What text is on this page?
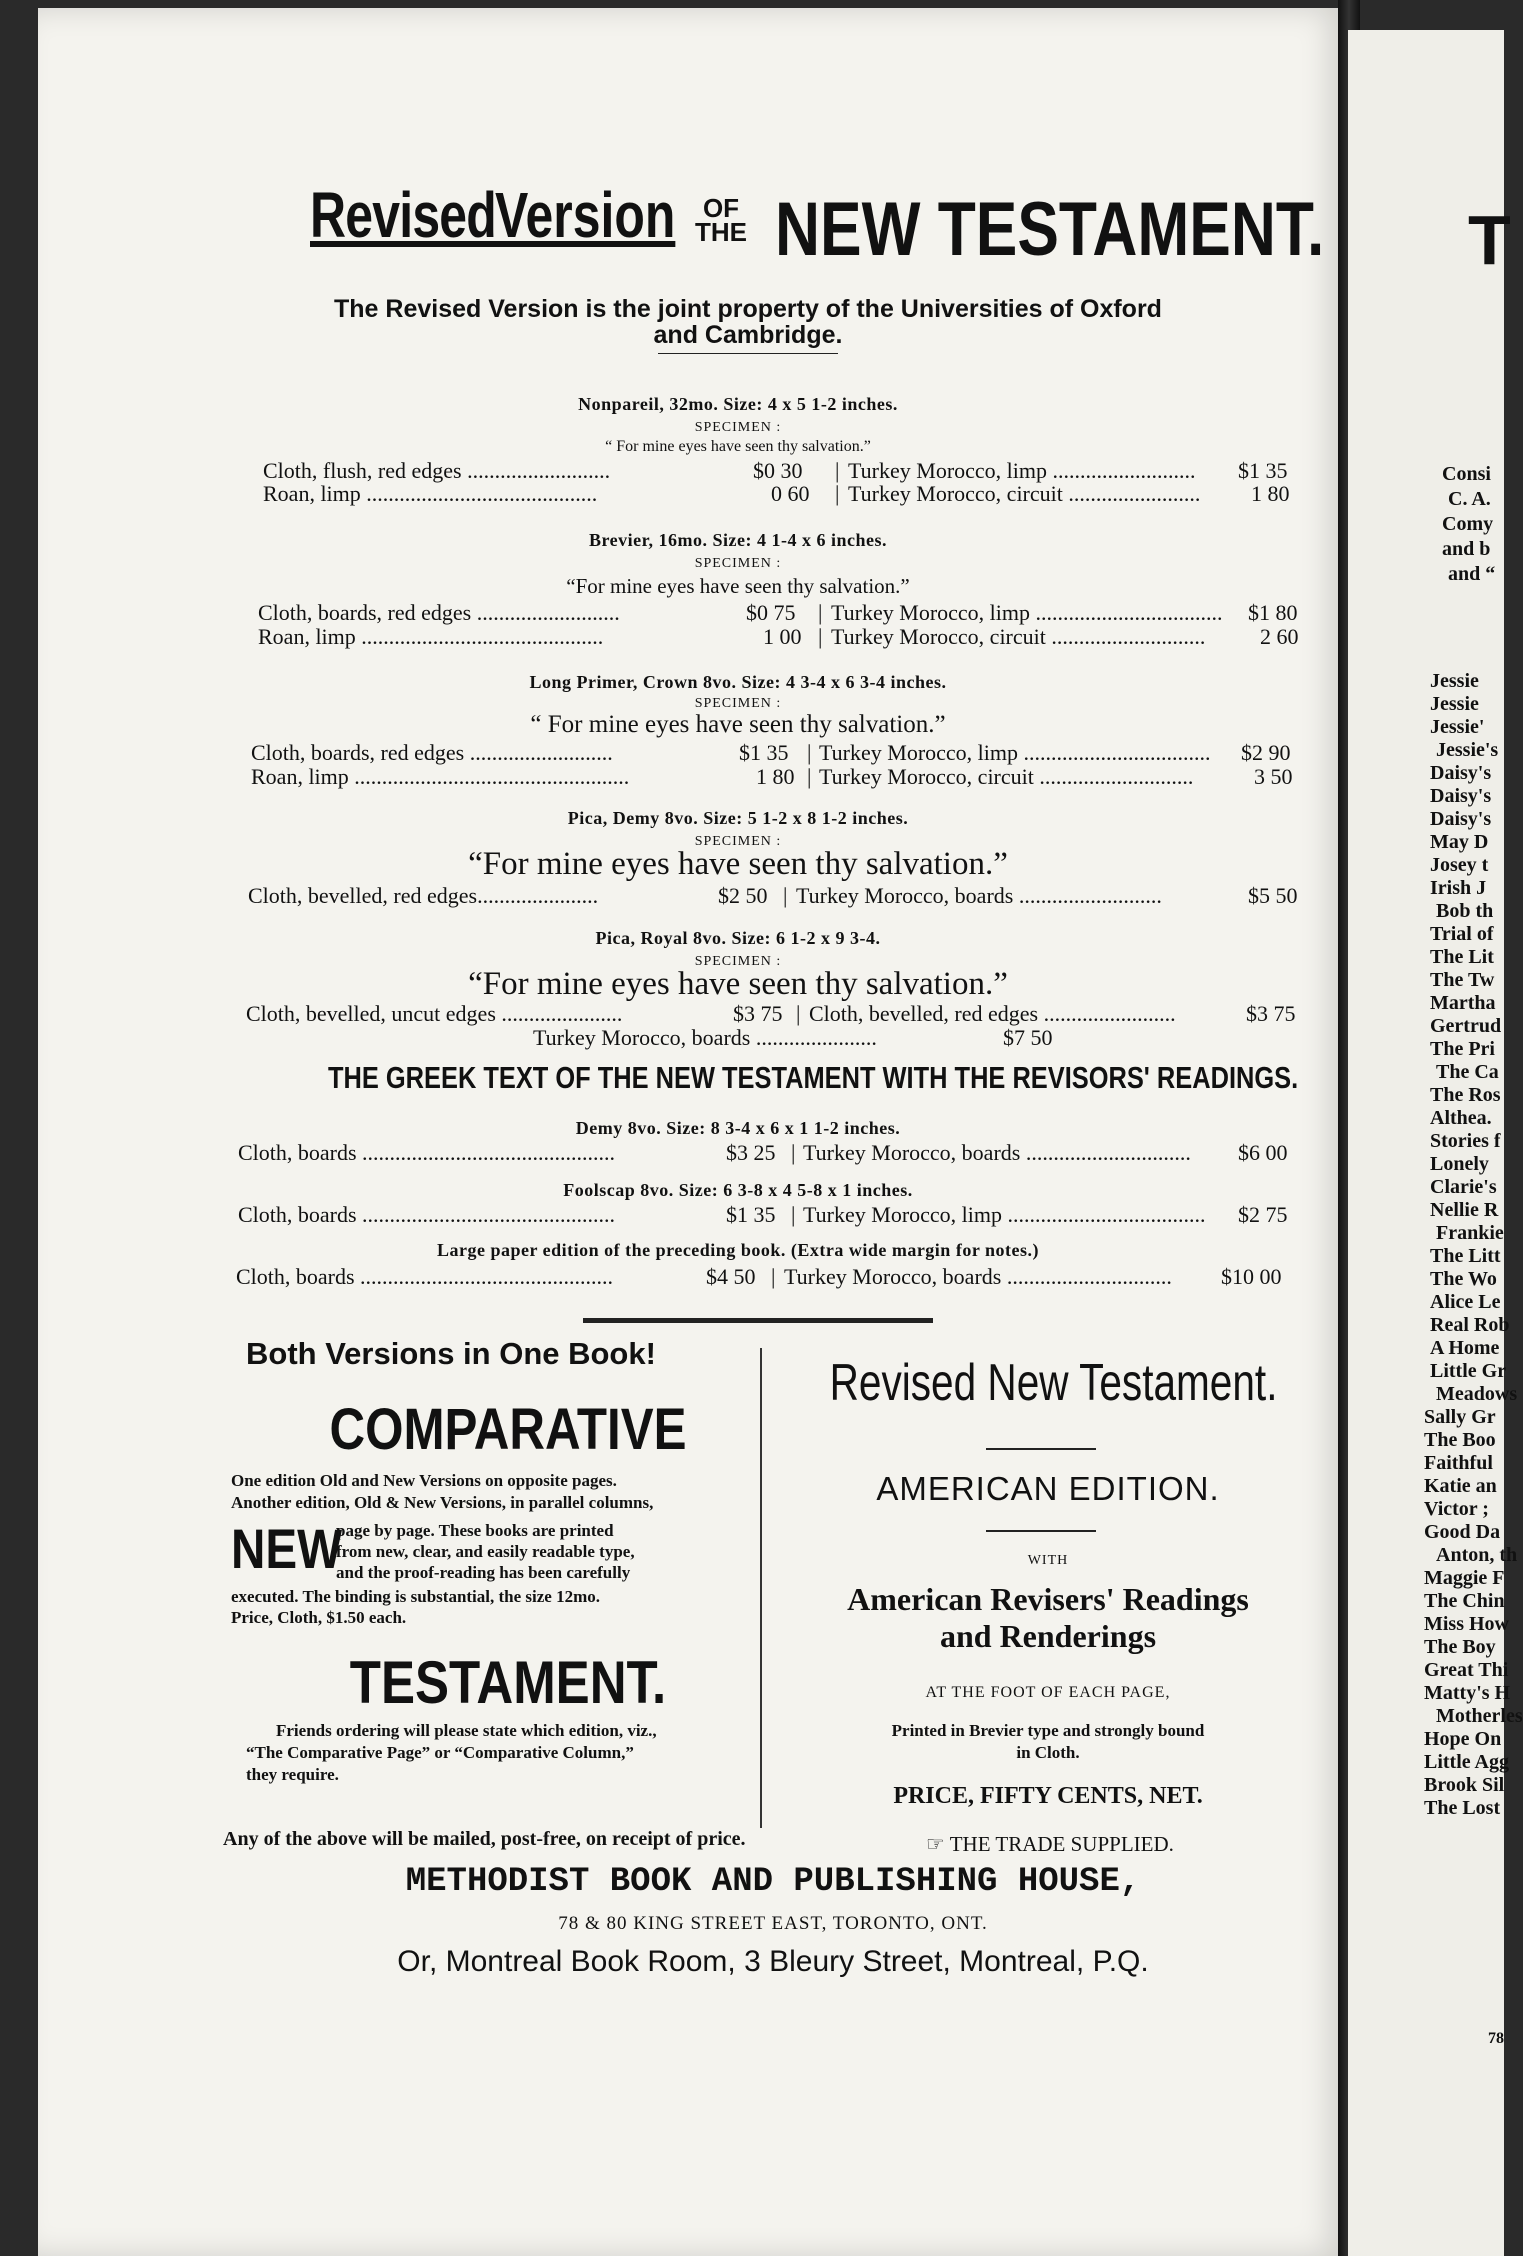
Revised
Version	OF
THE NEW TESTAMENT.
The Revised Version is the joint property of the Universities of Oxford
and Cambridge.
Nonpareil, 32mo. Size: 4 x 5 1-2 inches.
SPECIMEN :
“ For mine eyes have seen thy salvation.”
Cloth, flush, red edges ..........................	$0 30 | Turkey Morocco, limp .......................... $1 35
Roan, limp ..........................................	0 60 | Turkey Morocco, circuit ........................ 1 80
Brevier, 16mo. Size: 4 1-4 x 6 inches.
SPECIMEN :
“For mine eyes have seen thy salvation.”
Cloth, boards, red edges ..........................	$0 75 | Turkey Morocco, limp .................................. $1 80
Roan, limp ............................................	1 00 | Turkey Morocco, circuit ............................ 2 60
Long Primer, Crown 8vo. Size: 4 3-4 x 6 3-4 inches.
SPECIMEN :
“ For mine eyes have seen thy salvation.”
Cloth, boards, red edges ..........................	$1 35 | Turkey Morocco, limp .................................. $2 90
Roan, limp ..................................................	1 80 | Turkey Morocco, circuit ............................	3 50
Pica, Demy 8vo. Size: 5 1-2 x 8 1-2 inches.
SPECIMEN :
“For mine eyes have seen thy salvation.”
Cloth, bevelled, red edges......................	$2 50 | Turkey Morocco, boards ..........................	$5 50
Pica, Royal 8vo. Size: 6 1-2 x 9 3-4.
SPECIMEN :
“For mine eyes have seen thy salvation.”
Cloth, bevelled, uncut edges ......................	$3 75 | Cloth, bevelled, red edges ........................	$3 75
Turkey Morocco, boards ......................	$7 50
THE GREEK TEXT OF THE NEW TESTAMENT WITH THE REVISORS' READINGS.
Demy 8vo. Size: 8 3-4 x 6 x 1 1-2 inches.
Cloth, boards ..............................................	$3 25 | Turkey Morocco, boards .............................. $6 00
Foolscap 8vo. Size: 6 3-8 x 4 5-8 x 1 inches.
Cloth, boards ..............................................	$1 35 | Turkey Morocco, limp .................................... $2 75
Large paper edition of the preceding book. (Extra wide margin for notes.)
Cloth, boards ..............................................	$4 50 | Turkey Morocco, boards .............................. $10 00
Both Versions in One Book!
COMPARATIVE
One edition Old and New Versions on opposite pages.
Another edition, Old & New Versions, in parallel columns,
NEW
page by page. These books are printed
from new, clear, and easily readable type,
and the proof-reading has been carefully
executed. The binding is substantial, the size 12mo.
Price, Cloth, $1.50 each.
TESTAMENT.
Friends ordering will please state which edition, viz.,
“The Comparative Page” or “Comparative Column,”
they require.
Revised New Testament.
AMERICAN EDITION.
WITH
American Revisers' Readings
and Renderings
AT THE FOOT OF EACH PAGE,
Printed in Brevier type and strongly bound
in Cloth.
PRICE, FIFTY CENTS, NET.
Any of the above will be mailed, post-free, on receipt of price.	☞ THE TRADE SUPPLIED.
METHODIST BOOK AND PUBLISHING HOUSE,
78 & 80 KING STREET EAST, TORONTO, ONT.
Or, Montreal Book Room, 3 Bleury Street, Montreal, P.Q.
T
Consi
C. A.
Comy
and b
and “
Jessie
Jessie
Jessie'
Jessie's
Daisy's
Daisy's
Daisy's
May D
Josey t
Irish J
Bob th
Trial of
The Lit
The Tw
Martha
Gertrud
The Pri
The Ca
The Ros
Althea.
Stories f
Lonely
Clarie's
Nellie R
Frankie
The Litt
The Wo
Alice Le
Real Rob
A Home
Little Gr
Meadows
Sally Gr
The Boo
Faithful
Katie an
Victor ;
Good Da
Anton, th
Maggie F
The Chin
Miss How
The Boy
Great Thi
Matty's H
Motherles
Hope On
Little Agg
Brook Sil
The Lost
78
